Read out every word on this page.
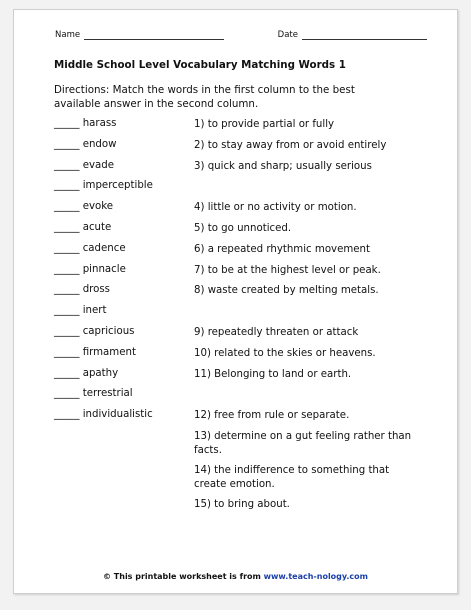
Name	Date
Middle School Level Vocabulary Matching Words 1
Directions: Match the words in the first column to the best available answer in the second column.
_____ harass
_____ endow
_____ evade
_____ imperceptible
_____ evoke
_____ acute
_____ cadence
_____ pinnacle
_____ dross
_____ inert
_____ capricious
_____ firmament
_____ apathy
_____ terrestrial
_____ individualistic
1) to provide partial or fully
2) to stay away from or avoid entirely
3) quick and sharp; usually serious
4) little or no activity or motion.
5) to go unnoticed.
6) a repeated rhythmic movement
7) to be at the highest level or peak.
8) waste created by melting metals.
9) repeatedly threaten or attack
10) related to the skies or heavens.
11) Belonging to land or earth.
12) free from rule or separate.
13) determine on a gut feeling rather than facts.
14) the indifference to something that create emotion.
15) to bring about.
© This printable worksheet is from www.teach-nology.com
